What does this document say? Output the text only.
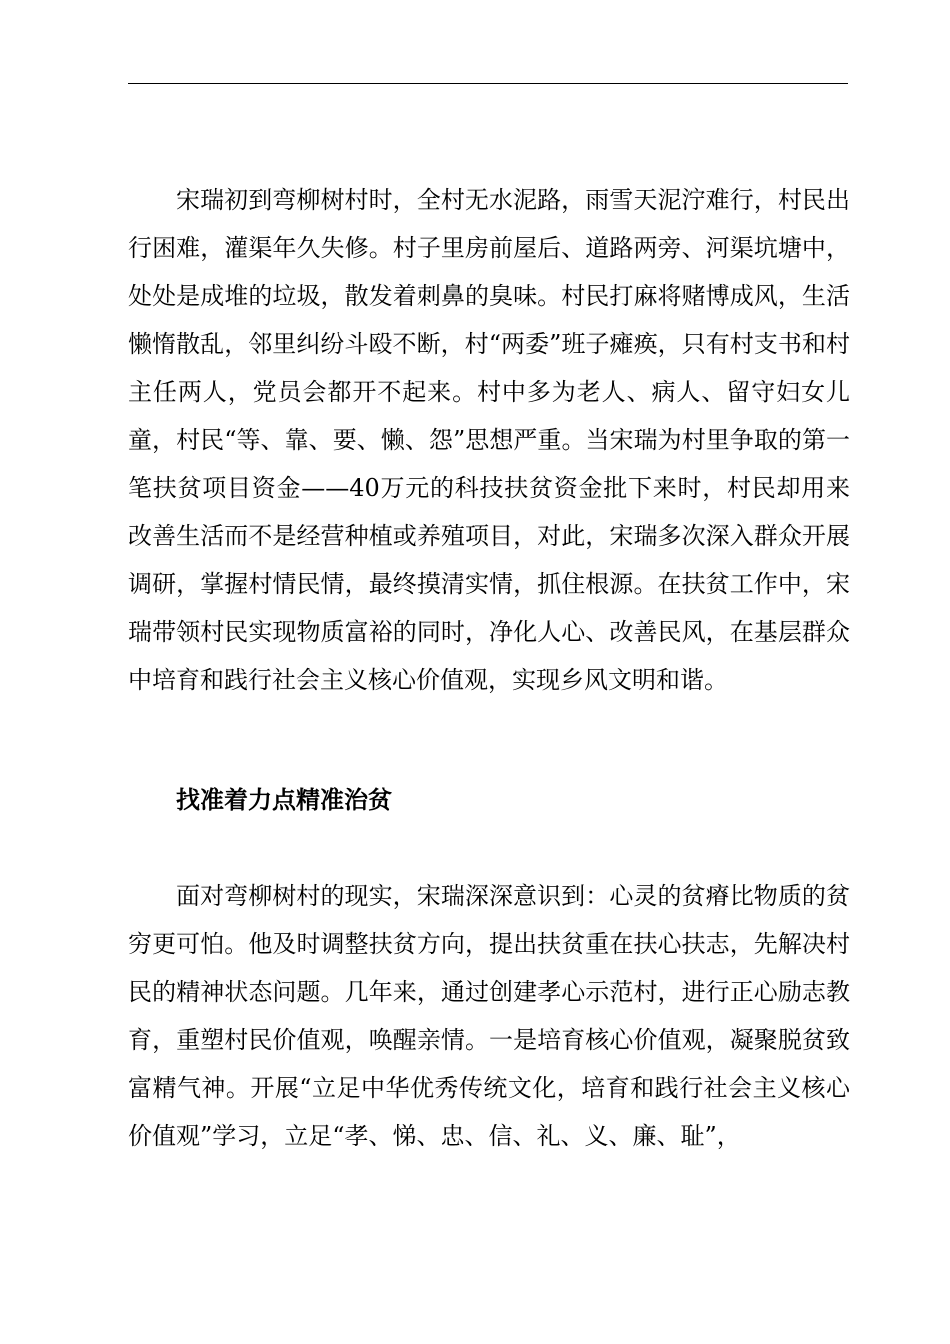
宋瑞初到弯柳树村时，全村无水泥路，雨雪天泥泞难行，村民出行困难，灌渠年久失修。村子里房前屋后、道路两旁、河渠坑塘中，处处是成堆的垃圾，散发着刺鼻的臭味。村民打麻将赌博成风，生活懒惰散乱，邻里纠纷斗殴不断，村“两委”班子瘫痪，只有村支书和村主任两人，党员会都开不起来。村中多为老人、病人、留守妇女儿童，村民“等、靠、要、懒、怨”思想严重。当宋瑞为村里争取的第一笔扶贫项目资金——40万元的科技扶贫资金批下来时，村民却用来改善生活而不是经营种植或养殖项目，对此，宋瑞多次深入群众开展调研，掌握村情民情，最终摸清实情，抓住根源。在扶贫工作中，宋瑞带领村民实现物质富裕的同时，净化人心、改善民风，在基层群众中培育和践行社会主义核心价值观，实现乡风文明和谐。

找准着力点精准治贫

面对弯柳树村的现实，宋瑞深深意识到：心灵的贫瘠比物质的贫穷更可怕。他及时调整扶贫方向，提出扶贫重在扶心扶志，先解决村民的精神状态问题。几年来，通过创建孝心示范村，进行正心励志教育，重塑村民价值观，唤醒亲情。一是培育核心价值观，凝聚脱贫致富精气神。开展“立足中华优秀传统文化，培育和践行社会主义核心价值观”学习，立足“孝、悌、忠、信、礼、义、廉、耻”，
